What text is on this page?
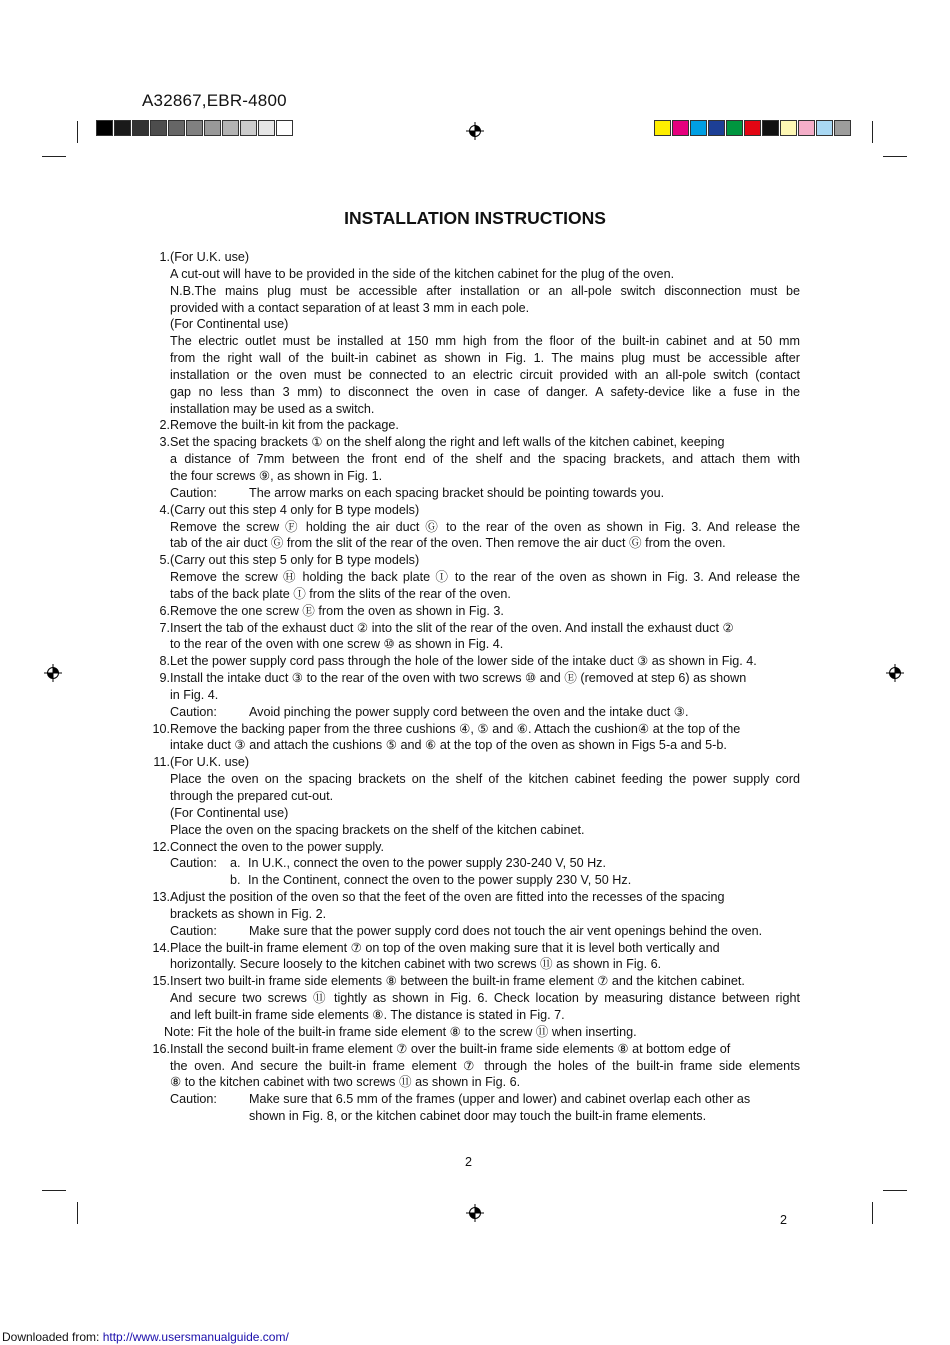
A32867,EBR-4800
INSTALLATION INSTRUCTIONS
1.(For U.K. use)
A cut-out will have to be provided in the side of the kitchen cabinet for the plug of the oven.
N.B.The mains plug must be accessible after installation or an all-pole switch disconnection must be
provided with a contact separation of at least 3 mm in each pole.
(For Continental use)
The electric outlet must be installed at 150 mm high from the floor of the built-in cabinet and at 50 mm
from the right wall of the built-in cabinet as shown in Fig. 1. The mains plug must be accessible after
installation or the oven must be connected to an electric circuit provided with an all-pole switch (contact
gap no less than 3 mm) to disconnect the oven in case of danger. A safety-device like a fuse in the
installation may be used as a switch.
2.Remove the built-in kit from the package.
3.Set the spacing brackets ① on the shelf along the right and left walls of the kitchen cabinet, keeping
a distance of 7mm between the front end of the shelf and the spacing brackets, and attach them with
the four screws ⑨, as shown in Fig. 1.
Caution:	The arrow marks on each spacing bracket should be pointing towards you.
4.(Carry out this step 4 only for B type models)
Remove the screw Ⓕ holding the air duct Ⓖ to the rear of the oven as shown in Fig. 3. And release the
tab of the air duct Ⓖ from the slit of the rear of the oven. Then remove the air duct Ⓖ from the oven.
5.(Carry out this step 5 only for B type models)
Remove the screw Ⓗ holding the back plate Ⓘ to the rear of the oven as shown in Fig. 3. And release the
tabs of the back plate Ⓘ from the slits of the rear of the oven.
6.Remove the one screw Ⓔ from the oven as shown in Fig. 3.
7.Insert the tab of the exhaust duct ② into the slit of the rear of the oven. And install the exhaust duct ②
to the rear of the oven with one screw ⑩ as shown in Fig. 4.
8.Let the power supply cord pass through the hole of the lower side of the intake duct ③ as shown in Fig. 4.
9.Install the intake duct ③ to the rear of the oven with two screws ⑩ and Ⓔ (removed at step 6) as shown
in Fig. 4.
Caution:	Avoid pinching the power supply cord between the oven and the intake duct ③.
10.Remove the backing paper from the three cushions ④, ⑤ and ⑥. Attach the cushion④ at the top of the
intake duct ③ and attach the cushions ⑤ and ⑥ at the top of the oven as shown in Figs 5-a and 5-b.
11.(For U.K. use)
Place the oven on the spacing brackets on the shelf of the kitchen cabinet feeding the power supply cord
through the prepared cut-out.
(For Continental use)
Place the oven on the spacing brackets on the shelf of the kitchen cabinet.
12.Connect the oven to the power supply.
Caution: a. In U.K., connect the oven to the power supply 230-240 V, 50 Hz.
b. In the Continent, connect the oven to the power supply 230 V, 50 Hz.
13.Adjust the position of the oven so that the feet of the oven are fitted into the recesses of the spacing
brackets as shown in Fig. 2.
Caution:	Make sure that the power supply cord does not touch the air vent openings behind the oven.
14.Place the built-in frame element ⑦ on top of the oven making sure that it is level both vertically and
horizontally. Secure loosely to the kitchen cabinet with two screws ⑪ as shown in Fig. 6.
15.Insert two built-in frame side elements ⑧ between the built-in frame element ⑦ and the kitchen cabinet.
And secure two screws ⑪ tightly as shown in Fig. 6. Check location by measuring distance between right
and left built-in frame side elements ⑧. The distance is stated in Fig. 7.
Note: Fit the hole of the built-in frame side element ⑧ to the screw ⑪ when inserting.
16.Install the second built-in frame element ⑦ over the built-in frame side elements ⑧ at bottom edge of
the oven. And secure the built-in frame element ⑦ through the holes of the built-in frame side elements
⑧ to the kitchen cabinet with two screws ⑪ as shown in Fig. 6.
Caution:	Make sure that 6.5 mm of the frames (upper and lower) and cabinet overlap each other as
shown in Fig. 8, or the kitchen cabinet door may touch the built-in frame elements.
2
2
Downloaded from: http://www.usersmanualguide.com/
